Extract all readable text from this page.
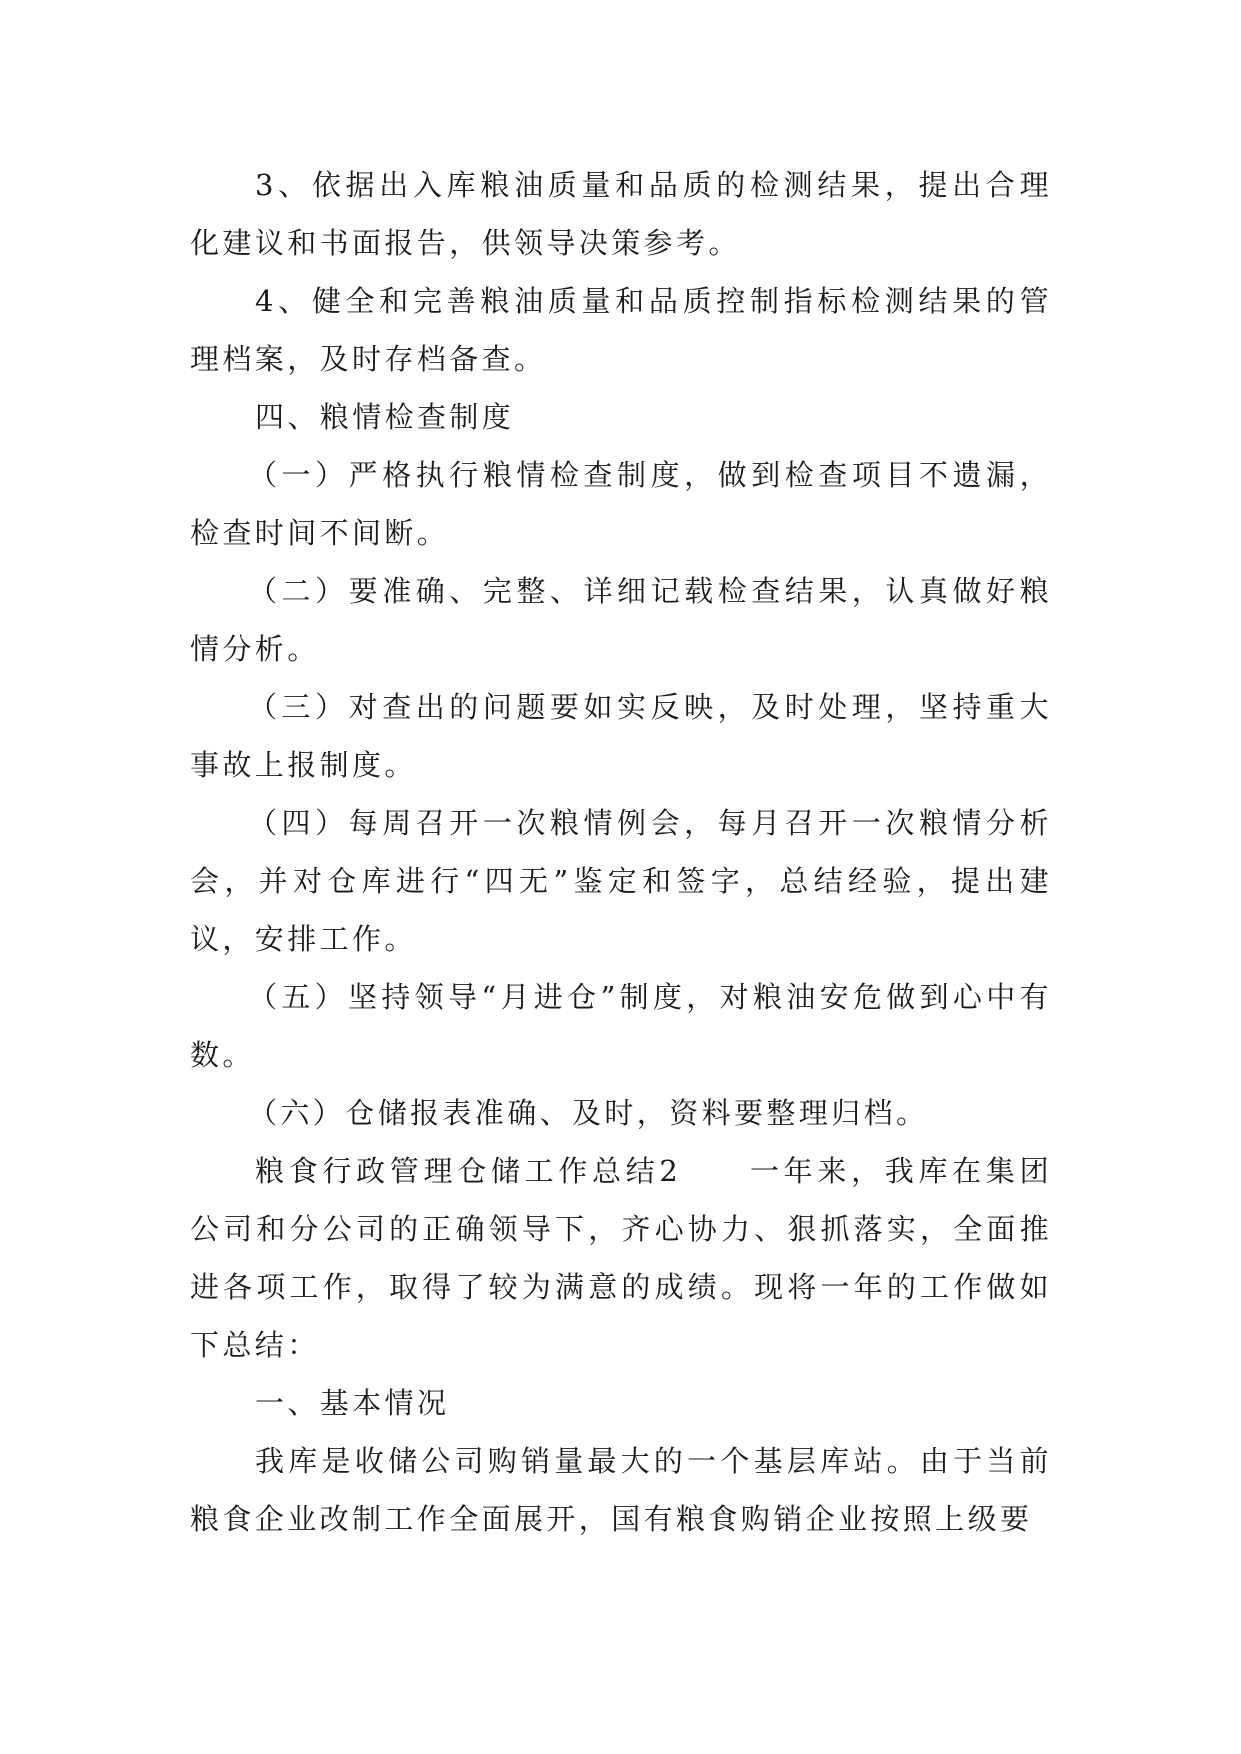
3、依据出入库粮油质量和品质的检测结果，提出合理化建议和书面报告，供领导决策参考。

4、健全和完善粮油质量和品质控制指标检测结果的管理档案，及时存档备查。

四、粮情检查制度

（一）严格执行粮情检查制度，做到检查项目不遗漏，检查时间不间断。

（二）要准确、完整、详细记载检查结果，认真做好粮情分析。

（三）对查出的问题要如实反映，及时处理，坚持重大事故上报制度。

（四）每周召开一次粮情例会，每月召开一次粮情分析会，并对仓库进行“四无”鉴定和签字，总结经验，提出建议，安排工作。

（五）坚持领导“月进仓”制度，对粮油安危做到心中有数。

（六）仓储报表准确、及时，资料要整理归档。

粮食行政管理仓储工作总结2　　一年来，我库在集团公司和分公司的正确领导下，齐心协力、狠抓落实，全面推进各项工作，取得了较为满意的成绩。现将一年的工作做如下总结：

一、基本情况

我库是收储公司购销量最大的一个基层库站。由于当前粮食企业改制工作全面展开，国有粮食购销企业按照上级要
